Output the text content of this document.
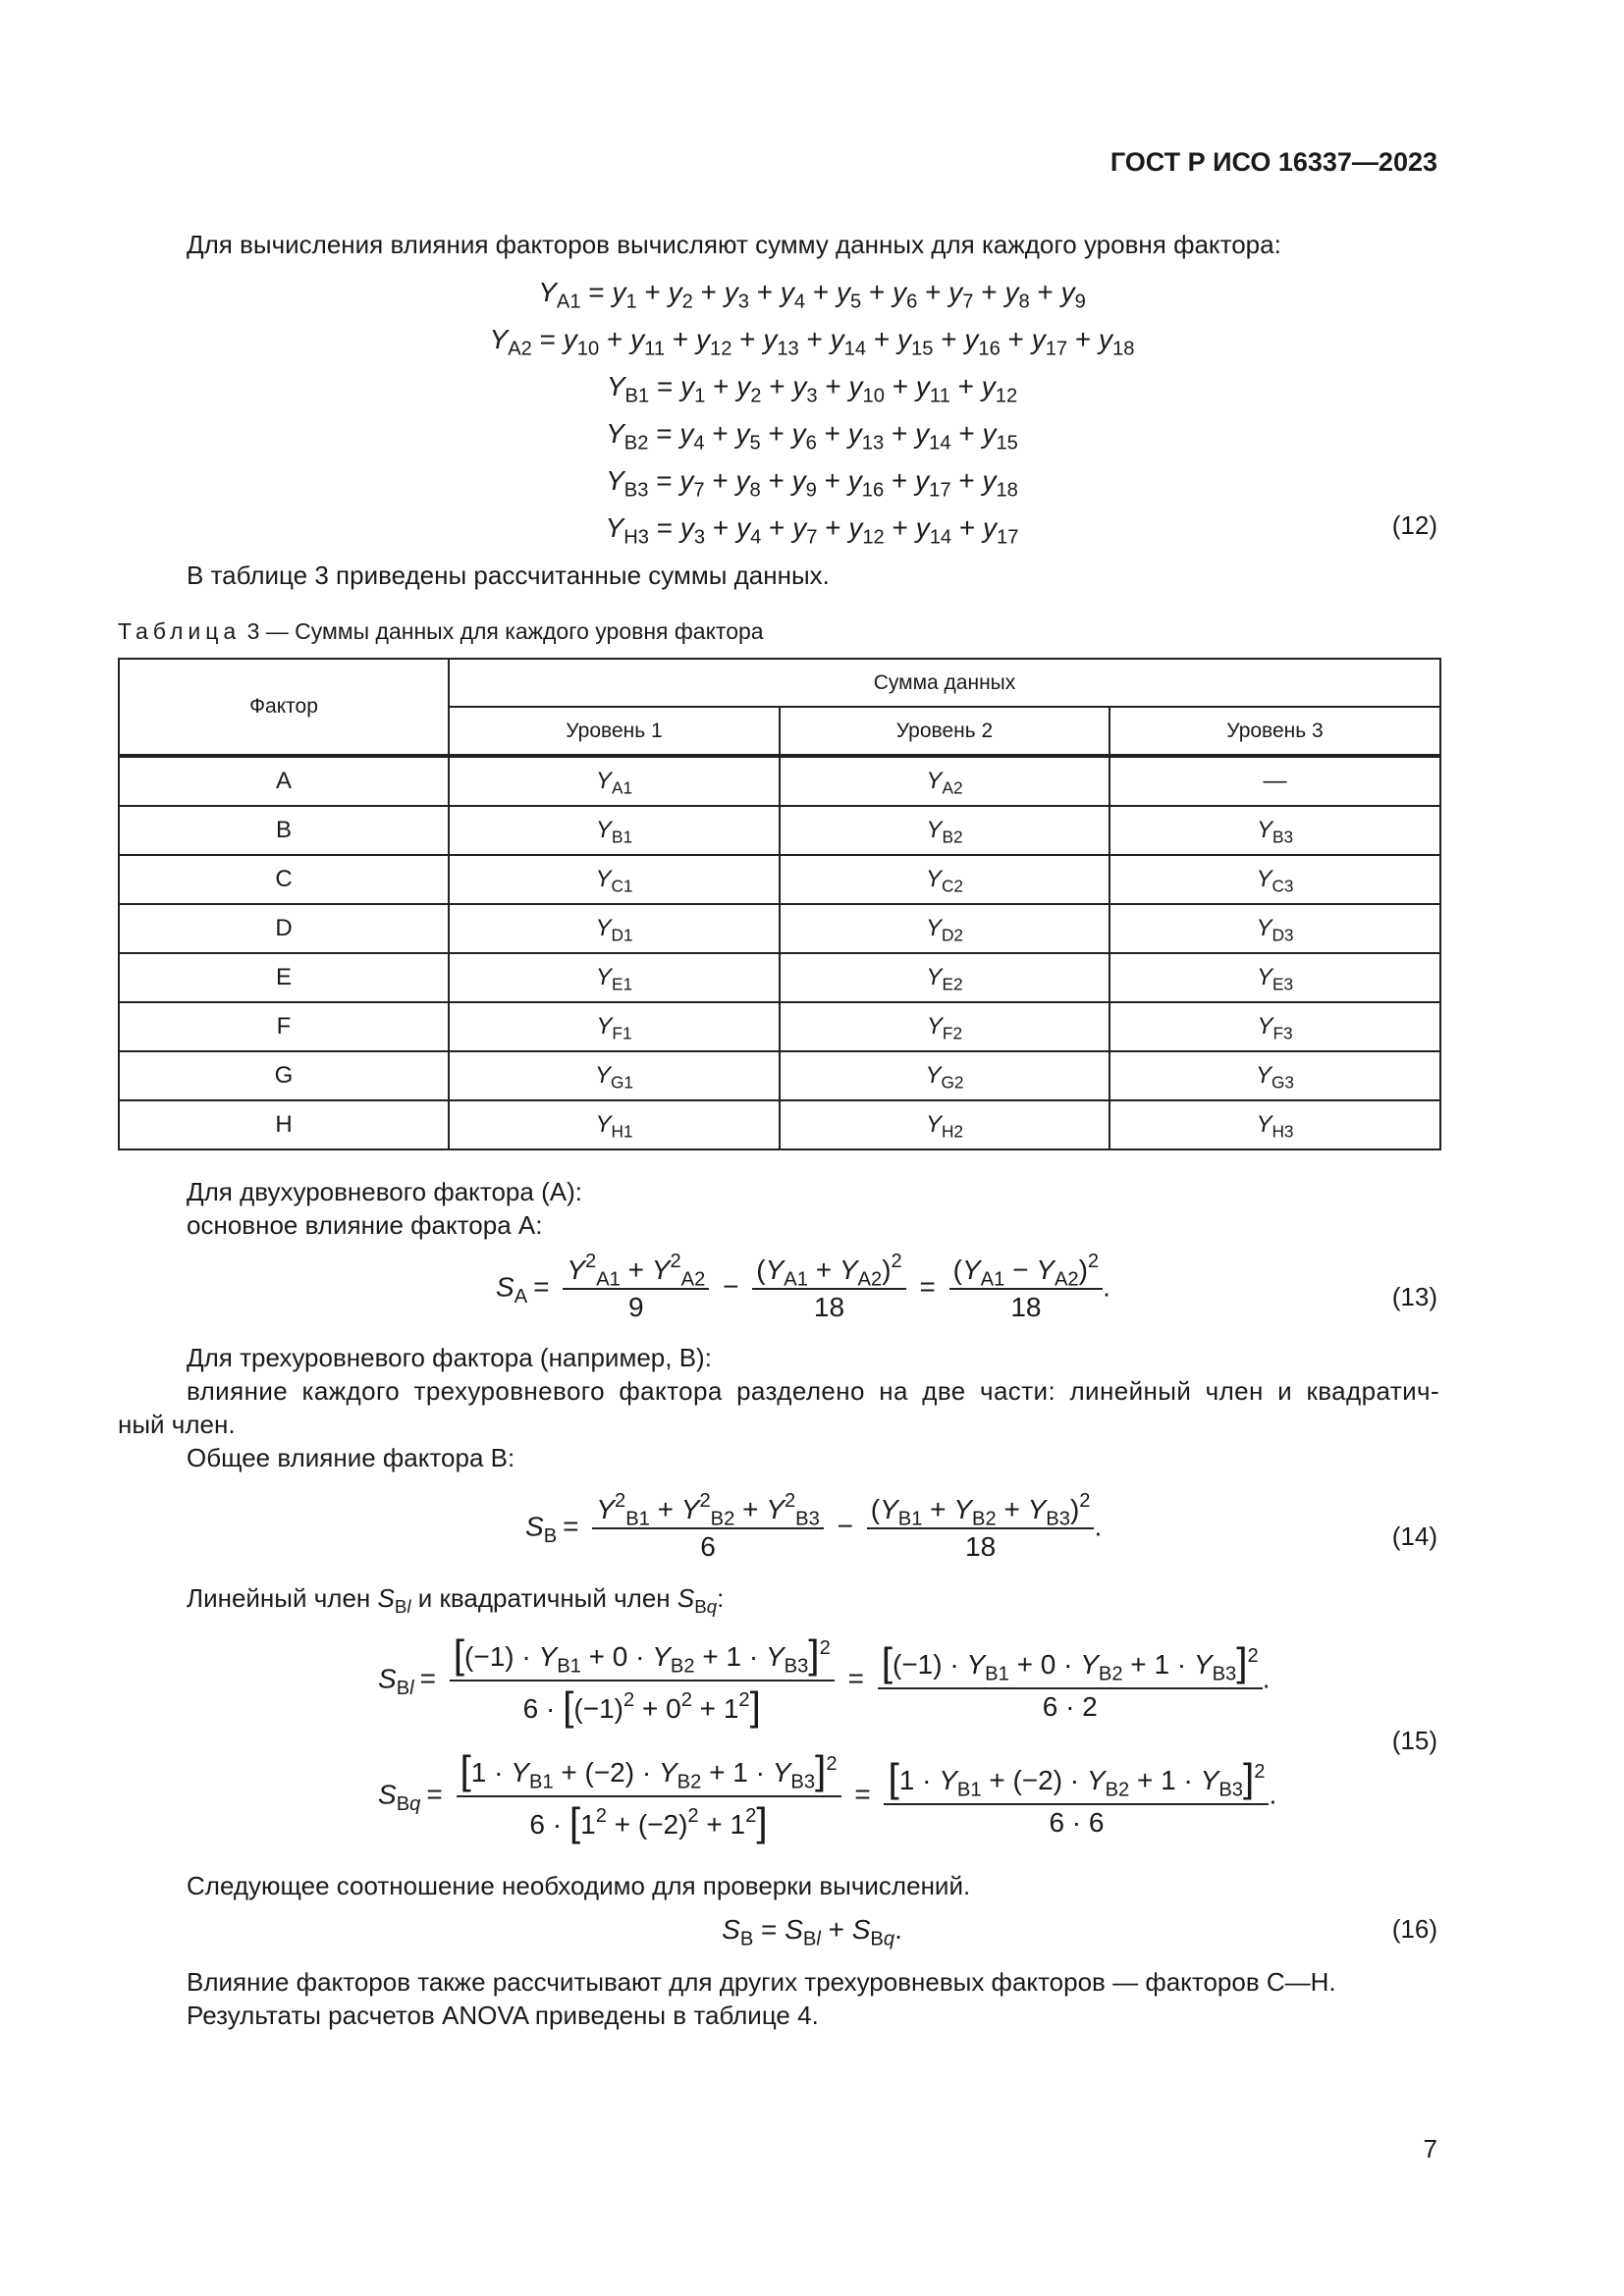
ГОСТ Р ИСО 16337—2023
Для вычисления влияния факторов вычисляют сумму данных для каждого уровня фактора:
$Y_{A1} = y_1 + y_2 + y_3 + y_4 + y_5 + y_6 + y_7 + y_8 + y_9$
$Y_{A2} = y_{10} + y_{11} + y_{12} + y_{13} + y_{14} + y_{15} + y_{16} + y_{17} + y_{18}$
$Y_{B1} = y_1 + y_2 + y_3 + y_{10} + y_{11} + y_{12}$
$Y_{B2} = y_4 + y_5 + y_6 + y_{13} + y_{14} + y_{15}$
$Y_{B3} = y_7 + y_8 + y_9 + y_{16} + y_{17} + y_{18}$
$Y_{H3} = y_3 + y_4 + y_7 + y_{12} + y_{14} + y_{17}$	(12)
В таблице 3 приведены рассчитанные суммы данных.
Таблица 3 — Суммы данных для каждого уровня фактора
Фактор	Сумма данных		
	Уровень 1	Уровень 2	Уровень 3
A	$Y_{A1}$	$Y_{A2}$	—
B	$Y_{B1}$	$Y_{B2}$	$Y_{B3}$
C	$Y_{C1}$	$Y_{C2}$	$Y_{C3}$
D	$Y_{D1}$	$Y_{D2}$	$Y_{D3}$
E	$Y_{E1}$	$Y_{E2}$	$Y_{E3}$
F	$Y_{F1}$	$Y_{F2}$	$Y_{F3}$
G	$Y_{G1}$	$Y_{G2}$	$Y_{G3}$
H	$Y_{H1}$	$Y_{H2}$	$Y_{H3}$
Для двухуровневого фактора (А):
основное влияние фактора А:
$S_A = \frac{Y^2_{A1} + Y^2_{A2}}{9} - \frac{(Y_{A1} + Y_{A2})^2}{18} = \frac{(Y_{A1} - Y_{A2})^2}{18}$ .	(13)
Для трехуровневого фактора (например, В):
влияние каждого трехуровневого фактора разделено на две части: линейный член и квадратич-
ный член.
Общее влияние фактора В:
$S_B = \frac{Y^2_{B1} + Y^2_{B2} + Y^2_{B3}}{6} - \frac{(Y_{B1} + Y_{B2} + Y_{B3})^2}{18}$ .	(14)
Линейный член $S_{Bl}$ и квадратичный член $S_{Bq}$:
$S_{Bl} = \frac{[(-1) \cdot Y_{B1} + 0 \cdot Y_{B2} + 1 \cdot Y_{B3}]^2}{6 \cdot [(-1)^2 + 0^2 + 1^2]} = \frac{[(-1) \cdot Y_{B1} + 0 \cdot Y_{B2} + 1 \cdot Y_{B3}]^2}{6 \cdot 2}$ .
(15)
$S_{Bq} = \frac{[1 \cdot Y_{B1} + (-2) \cdot Y_{B2} + 1 \cdot Y_{B3}]^2}{6 \cdot [1^2 + (-2)^2 + 1^2]} = \frac{[1 \cdot Y_{B1} + (-2) \cdot Y_{B2} + 1 \cdot Y_{B3}]^2}{6 \cdot 6}$ .
Следующее соотношение необходимо для проверки вычислений.
$S_B = S_{Bl} + S_{Bq}$.	(16)
Влияние факторов также рассчитывают для других трехуровневых факторов — факторов С—Н.
Результаты расчетов ANOVA приведены в таблице 4.
7
